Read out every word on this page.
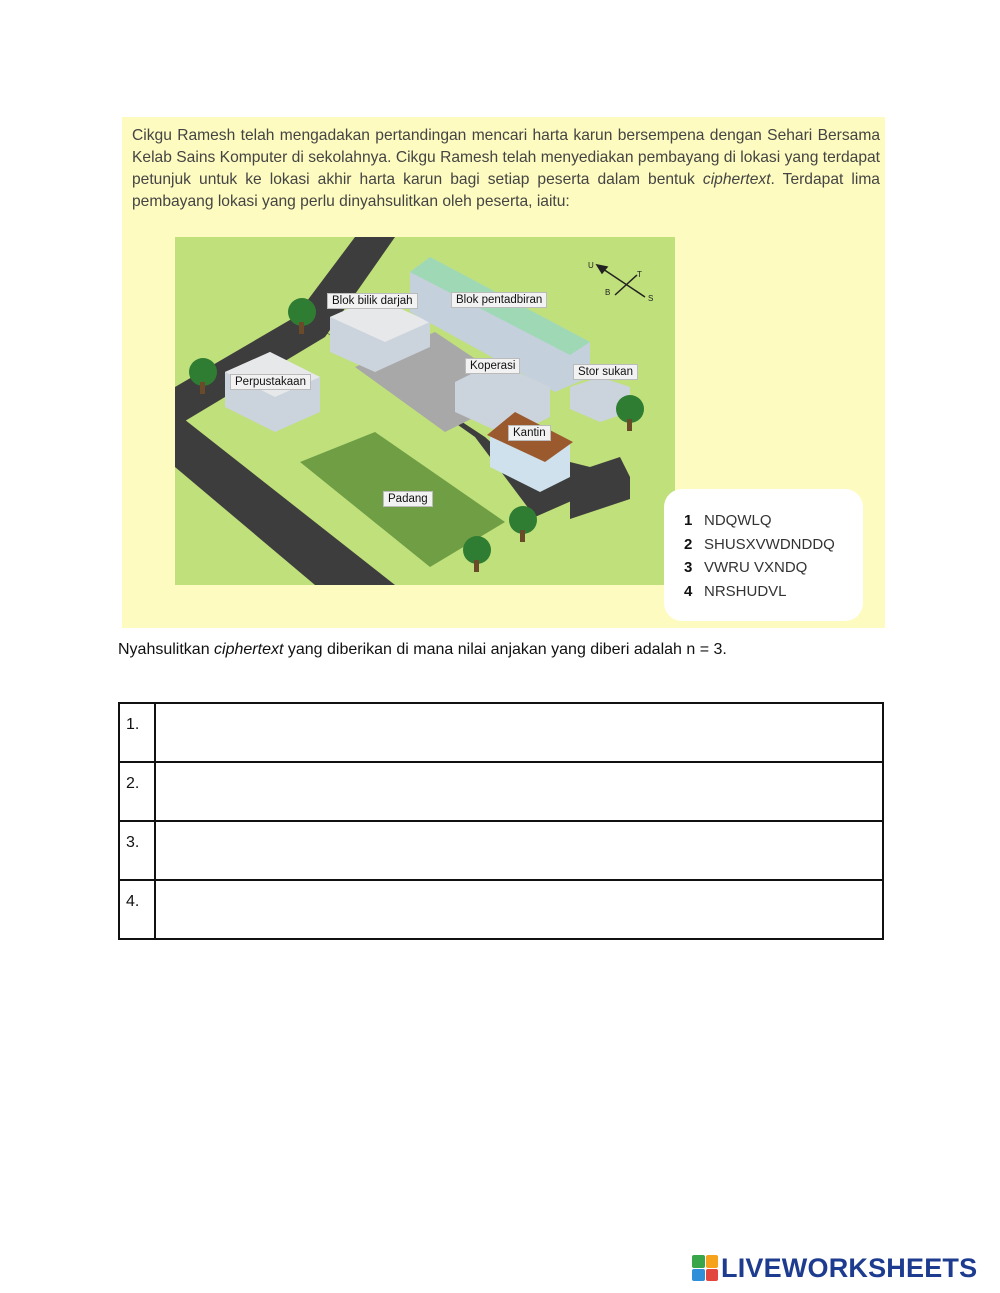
Cikgu Ramesh telah mengadakan pertandingan mencari harta karun bersempena dengan Sehari Bersama Kelab Sains Komputer di sekolahnya. Cikgu Ramesh telah menyediakan pembayang di lokasi yang terdapat petunjuk untuk ke lokasi akhir harta karun bagi setiap peserta dalam bentuk ciphertext. Terdapat lima pembayang lokasi yang perlu dinyahsulitkan oleh peserta, iaitu:

U
T
B
S
Blok bilik darjah	Blok pentadbiran
Perpustakaan
Koperasi	Stor sukan
Kantin
Padang
1 NDQWLQ
2 SHUSXVWDNDDQ
3 VWRU VXNDQ
4 NRSHUDVL

Nyahsulitkan ciphertext yang diberikan di mana nilai anjakan yang diberi adalah n = 3.

1.	
2.	
3.	
4.	
LIVEWORKSHEETS
